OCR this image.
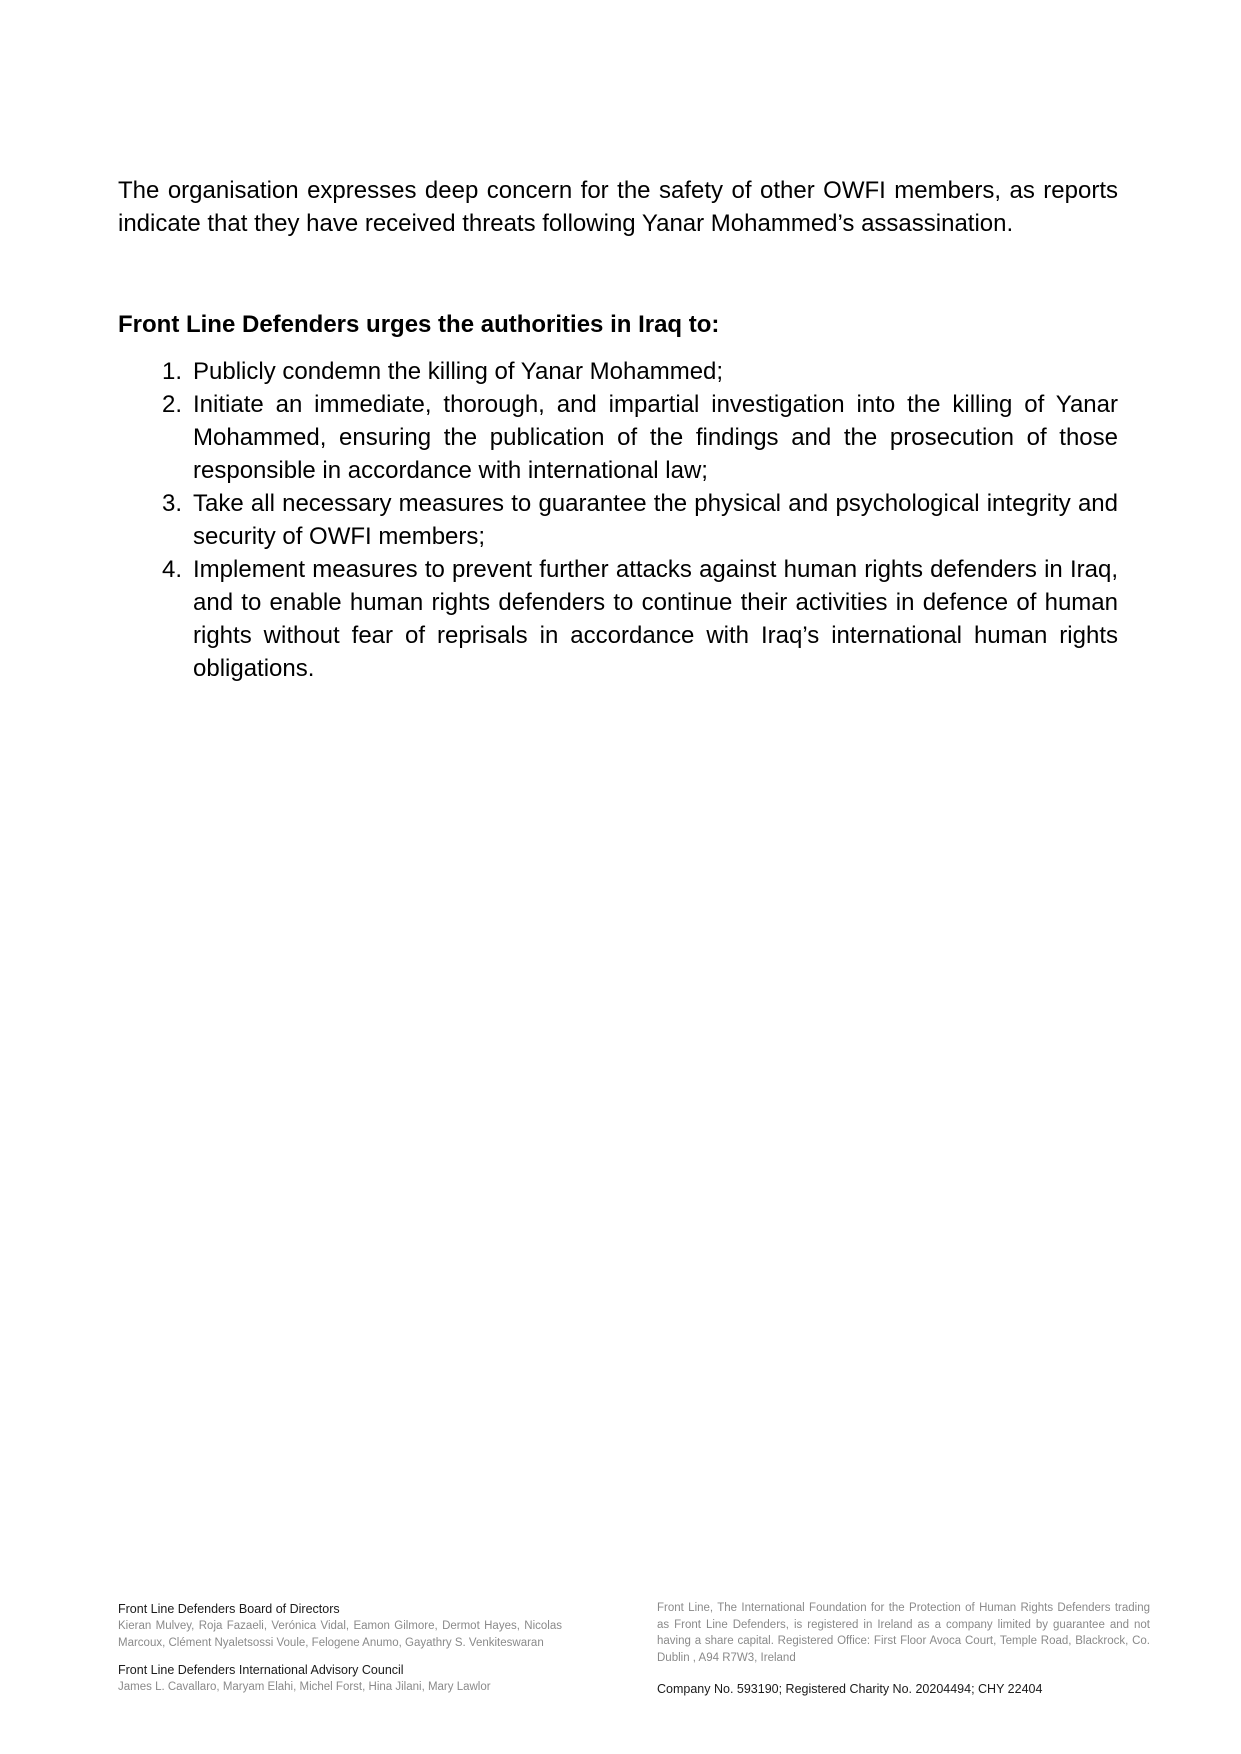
The organisation expresses deep concern for the safety of other OWFI members, as reports indicate that they have received threats following Yanar Mohammed’s assassination.

Front Line Defenders urges the authorities in Iraq to:

1. Publicly condemn the killing of Yanar Mohammed;
2. Initiate an immediate, thorough, and impartial investigation into the killing of Yanar Mohammed, ensuring the publication of the findings and the prosecution of those responsible in accordance with international law;
3. Take all necessary measures to guarantee the physical and psychological integrity and security of OWFI members;
4. Implement measures to prevent further attacks against human rights defenders in Iraq, and to enable human rights defenders to continue their activities in defence of human rights without fear of reprisals in accordance with Iraq’s international human rights obligations.

Front Line Defenders Board of Directors

Kieran Mulvey, Roja Fazaeli, Verónica Vidal, Eamon Gilmore, Dermot Hayes, Nicolas Marcoux, Clément Nyaletsossi Voule, Felogene Anumo, Gayathry S. Venkiteswaran

Front Line Defenders International Advisory Council

James L. Cavallaro, Maryam Elahi, Michel Forst, Hina Jilani, Mary Lawlor

Front Line, The International Foundation for the Protection of Human Rights Defenders trading as Front Line Defenders, is registered in Ireland as a company limited by guarantee and not having a share capital. Registered Office: First Floor Avoca Court, Temple Road, Blackrock, Co. Dublin , A94 R7W3, Ireland

Company No. 593190; Registered Charity No. 20204494; CHY 22404
